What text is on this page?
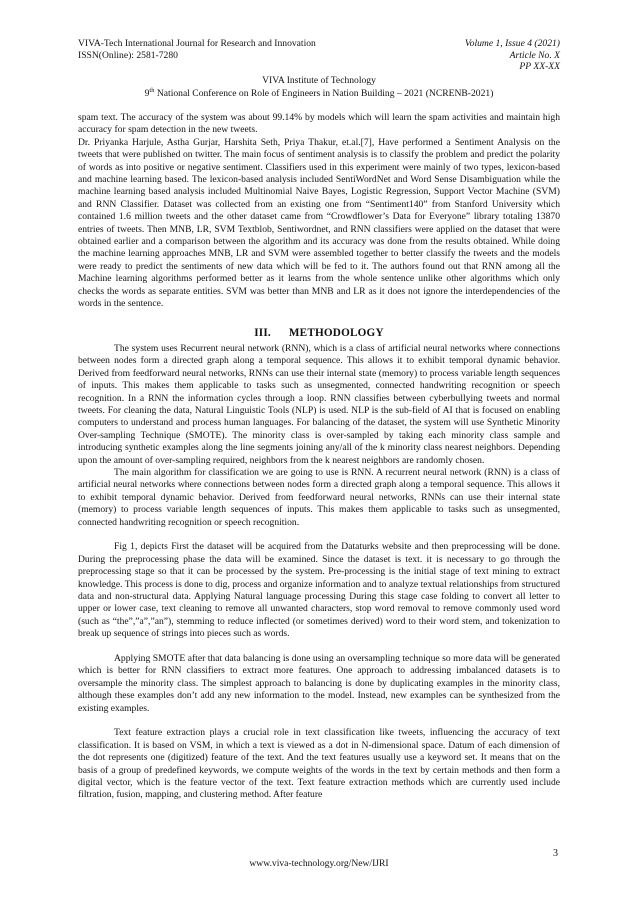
VIVA-Tech International Journal for Research and Innovation	Volume 1, Issue 4 (2021)
ISSN(Online): 2581-7280	Article No. X
PP XX-XX
VIVA Institute of Technology
9th National Conference on Role of Engineers in Nation Building – 2021 (NCRENB-2021)

spam text. The accuracy of the system was about 99.14% by models which will learn the spam activities and maintain high accuracy for spam detection in the new tweets.

Dr. Priyanka Harjule, Astha Gurjar, Harshita Seth, Priya Thakur, et.al.[7], Have performed a Sentiment Analysis on the tweets that were published on twitter. The main focus of sentiment analysis is to classify the problem and predict the polarity of words as into positive or negative sentiment. Classifiers used in this experiment were mainly of two types, lexicon-based and machine learning based. The lexicon-based analysis included SentiWordNet and Word Sense Disambiguation while the machine learning based analysis included Multinomial Naive Bayes, Logistic Regression, Support Vector Machine (SVM) and RNN Classifier. Dataset was collected from an existing one from “Sentiment140” from Stanford University which contained 1.6 million tweets and the other dataset came from “Crowdflower’s Data for Everyone” library totaling 13870 entries of tweets. Then MNB, LR, SVM Textblob, Sentiwordnet, and RNN classifiers were applied on the dataset that were obtained earlier and a comparison between the algorithm and its accuracy was done from the results obtained. While doing the machine learning approaches MNB, LR and SVM were assembled together to better classify the tweets and the models were ready to predict the sentiments of new data which will be fed to it. The authors found out that RNN among all the Machine learning algorithms performed better as it learns from the whole sentence unlike other algorithms which only checks the words as separate entities. SVM was better than MNB and LR as it does not ignore the interdependencies of the words in the sentence.

III. METHODOLOGY

The system uses Recurrent neural network (RNN), which is a class of artificial neural networks where connections between nodes form a directed graph along a temporal sequence. This allows it to exhibit temporal dynamic behavior. Derived from feedforward neural networks, RNNs can use their internal state (memory) to process variable length sequences of inputs. This makes them applicable to tasks such as unsegmented, connected handwriting recognition or speech recognition. In a RNN the information cycles through a loop. RNN classifies between cyberbullying tweets and normal tweets. For cleaning the data, Natural Linguistic Tools (NLP) is used. NLP is the sub-field of AI that is focused on enabling computers to understand and process human languages. For balancing of the dataset, the system will use Synthetic Minority Over-sampling Technique (SMOTE). The minority class is over-sampled by taking each minority class sample and introducing synthetic examples along the line segments joining any/all of the k minority class nearest neighbors. Depending upon the amount of over-sampling required, neighbors from the k nearest neighbors are randomly chosen.

The main algorithm for classification we are going to use is RNN. A recurrent neural network (RNN) is a class of artificial neural networks where connections between nodes form a directed graph along a temporal sequence. This allows it to exhibit temporal dynamic behavior. Derived from feedforward neural networks, RNNs can use their internal state (memory) to process variable length sequences of inputs. This makes them applicable to tasks such as unsegmented, connected handwriting recognition or speech recognition.

Fig 1, depicts First the dataset will be acquired from the Dataturks website and then preprocessing will be done. During the preprocessing phase the data will be examined. Since the dataset is text. it is necessary to go through the preprocessing stage so that it can be processed by the system. Pre-processing is the initial stage of text mining to extract knowledge. This process is done to dig, process and organize information and to analyze textual relationships from structured data and non-structural data. Applying Natural language processing During this stage case folding to convert all letter to upper or lower case, text cleaning to remove all unwanted characters, stop word removal to remove commonly used word (such as “the”,”a”,”an”), stemming to reduce inflected (or sometimes derived) word to their word stem, and tokenization to break up sequence of strings into pieces such as words.

Applying SMOTE after that data balancing is done using an oversampling technique so more data will be generated which is better for RNN classifiers to extract more features. One approach to addressing imbalanced datasets is to oversample the minority class. The simplest approach to balancing is done by duplicating examples in the minority class, although these examples don’t add any new information to the model. Instead, new examples can be synthesized from the existing examples.

Text feature extraction plays a crucial role in text classification like tweets, influencing the accuracy of text classification. It is based on VSM, in which a text is viewed as a dot in N-dimensional space. Datum of each dimension of the dot represents one (digitized) feature of the text. And the text features usually use a keyword set. It means that on the basis of a group of predefined keywords, we compute weights of the words in the text by certain methods and then form a digital vector, which is the feature vector of the text. Text feature extraction methods which are currently used include filtration, fusion, mapping, and clustering method. After feature

3
www.viva-technology.org/New/IJRI
